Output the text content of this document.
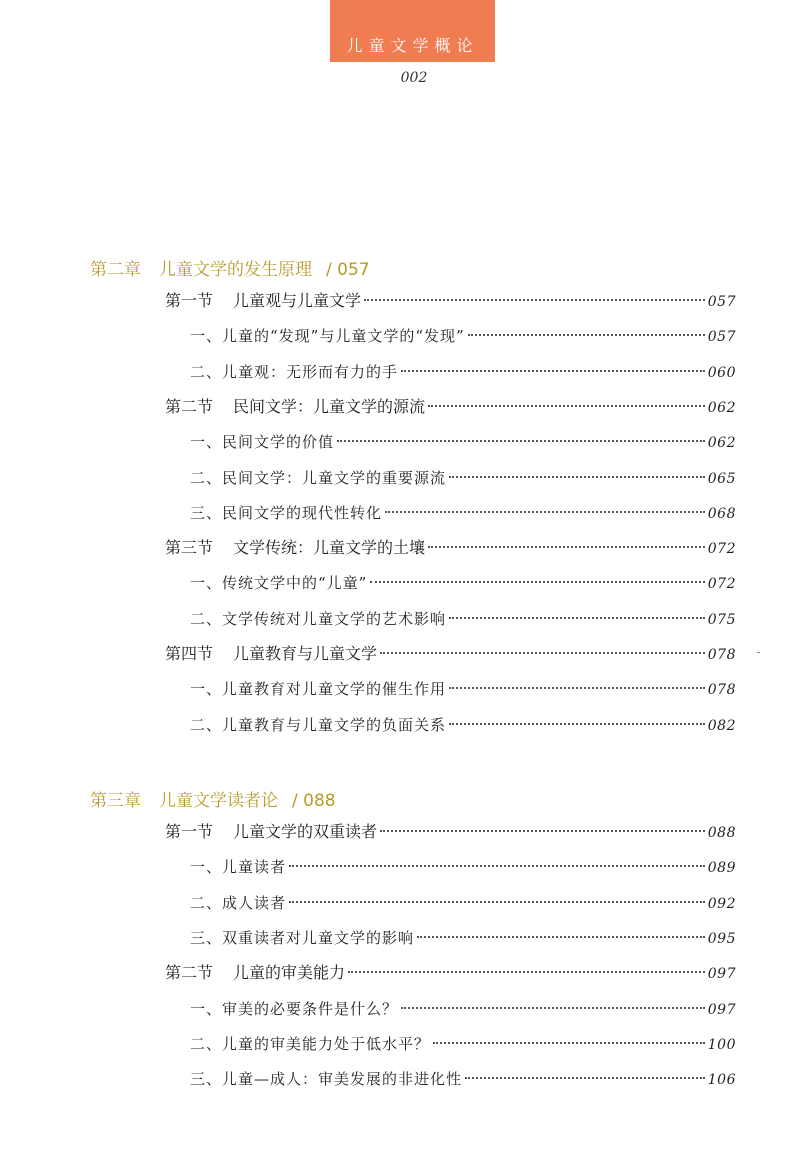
儿童文学概论
002
第二章 儿童文学的发生原理 / 057
第一节 儿童观与儿童文学	057
一、儿童的“发现”与儿童文学的“发现”	057
二、儿童观：无形而有力的手	060
第二节 民间文学：儿童文学的源流	062
一、民间文学的价值	062
二、民间文学：儿童文学的重要源流	065
三、民间文学的现代性转化	068
第三节 文学传统：儿童文学的土壤	072
一、传统文学中的“儿童”	072
二、文学传统对儿童文学的艺术影响	075
第四节 儿童教育与儿童文学	078
一、儿童教育对儿童文学的催生作用	078
二、儿童教育与儿童文学的负面关系	082
第三章 儿童文学读者论 / 088
第一节 儿童文学的双重读者	088
一、儿童读者	089
二、成人读者	092
三、双重读者对儿童文学的影响	095
第二节 儿童的审美能力	097
一、审美的必要条件是什么？	097
二、儿童的审美能力处于低水平？	100
三、儿童—成人：审美发展的非进化性	106
